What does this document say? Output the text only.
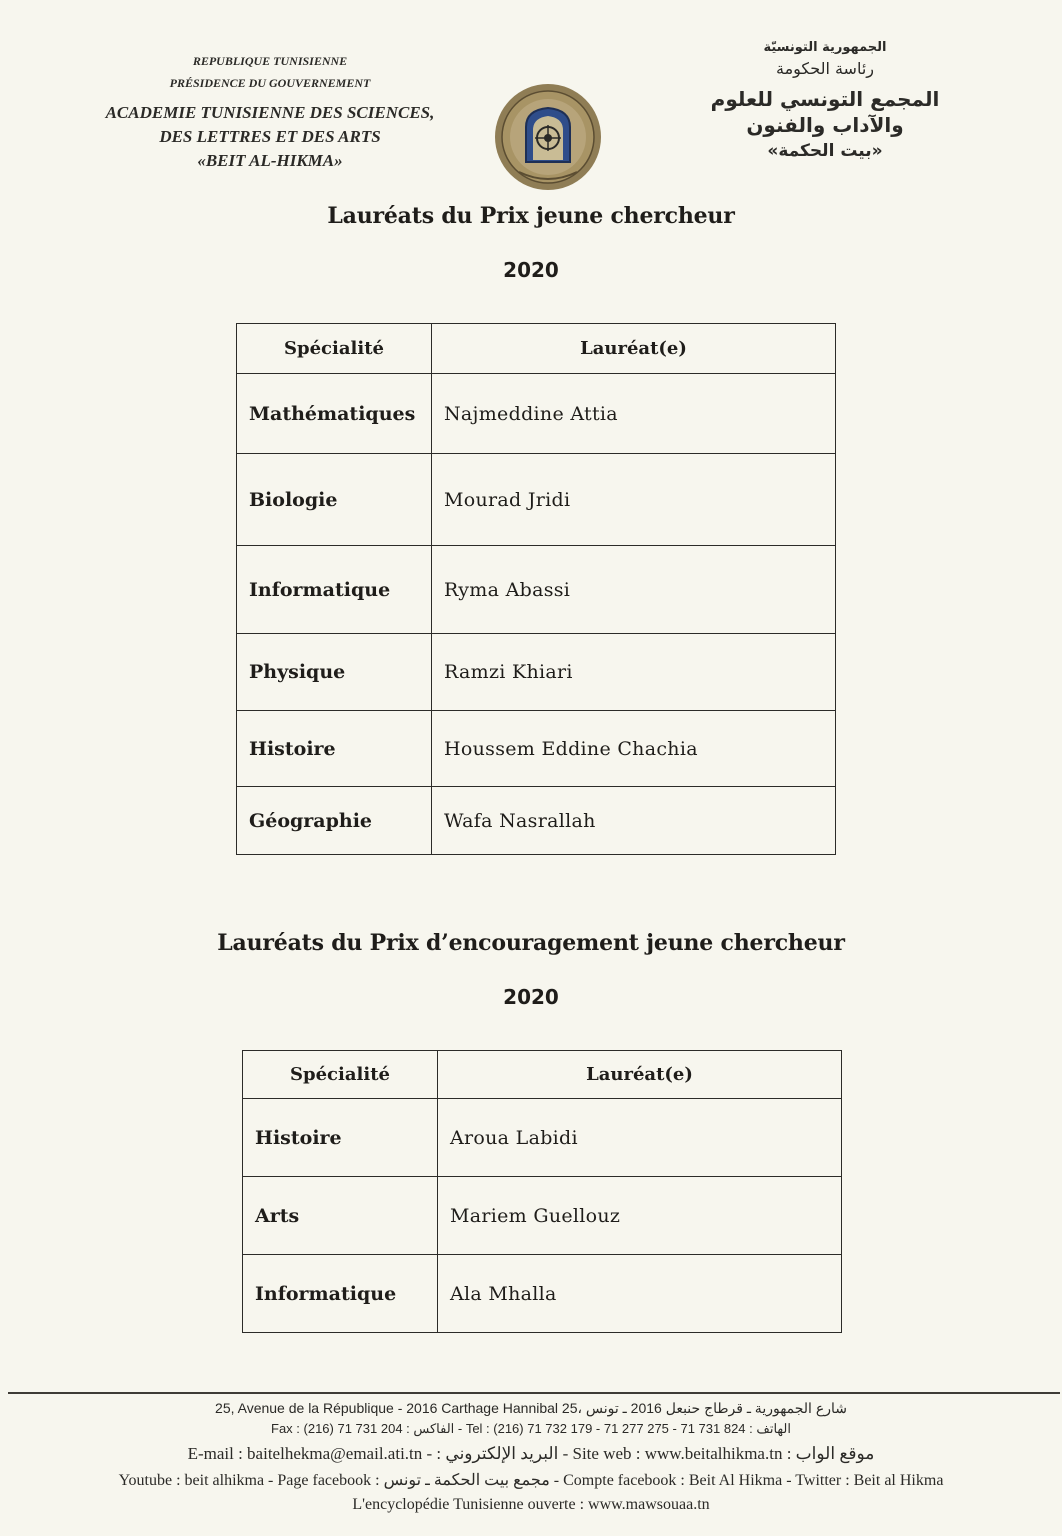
REPUBLIQUE TUNISIENNE
PRÉSIDENCE DU GOUVERNEMENT
ACADEMIE TUNISIENNE DES SCIENCES,
DES LETTRES ET DES ARTS
«BEIT AL-HIKMA»
الجمهورية التونسيّة
رئاسة الحكومة
المجمع التونسي للعلوم
والآداب والفنون
«بيت الحكمة»
Lauréats du Prix jeune chercheur
2020
Spécialité	Lauréat(e)
Mathématiques	Najmeddine Attia
Biologie	Mourad Jridi
Informatique	Ryma Abassi
Physique	Ramzi Khiari
Histoire	Houssem Eddine Chachia
Géographie	Wafa Nasrallah
Lauréats du Prix d’encouragement jeune chercheur
2020
Spécialité	Lauréat(e)
Histoire	Aroua Labidi
Arts	Mariem Guellouz
Informatique	Ala Mhalla
25, Avenue de la République - 2016 Carthage Hannibal 25، شارع الجمهورية ـ قرطاج حنبعل 2016 ـ تونس
Fax : (216) 71 731 204 : الفاكس - Tel : (216) 71 732 179 - 71 277 275 - 71 731 824 : الهاتف
E-mail : baitelhekma@email.ati.tn - : البريد الإلكتروني - Site web : www.beitalhikma.tn : موقع الواب
Youtube : beit alhikma - Page facebook : مجمع بيت الحكمة ـ تونس - Compte facebook : Beit Al Hikma - Twitter : Beit al Hikma
L'encyclopédie Tunisienne ouverte : www.mawsouaa.tn
